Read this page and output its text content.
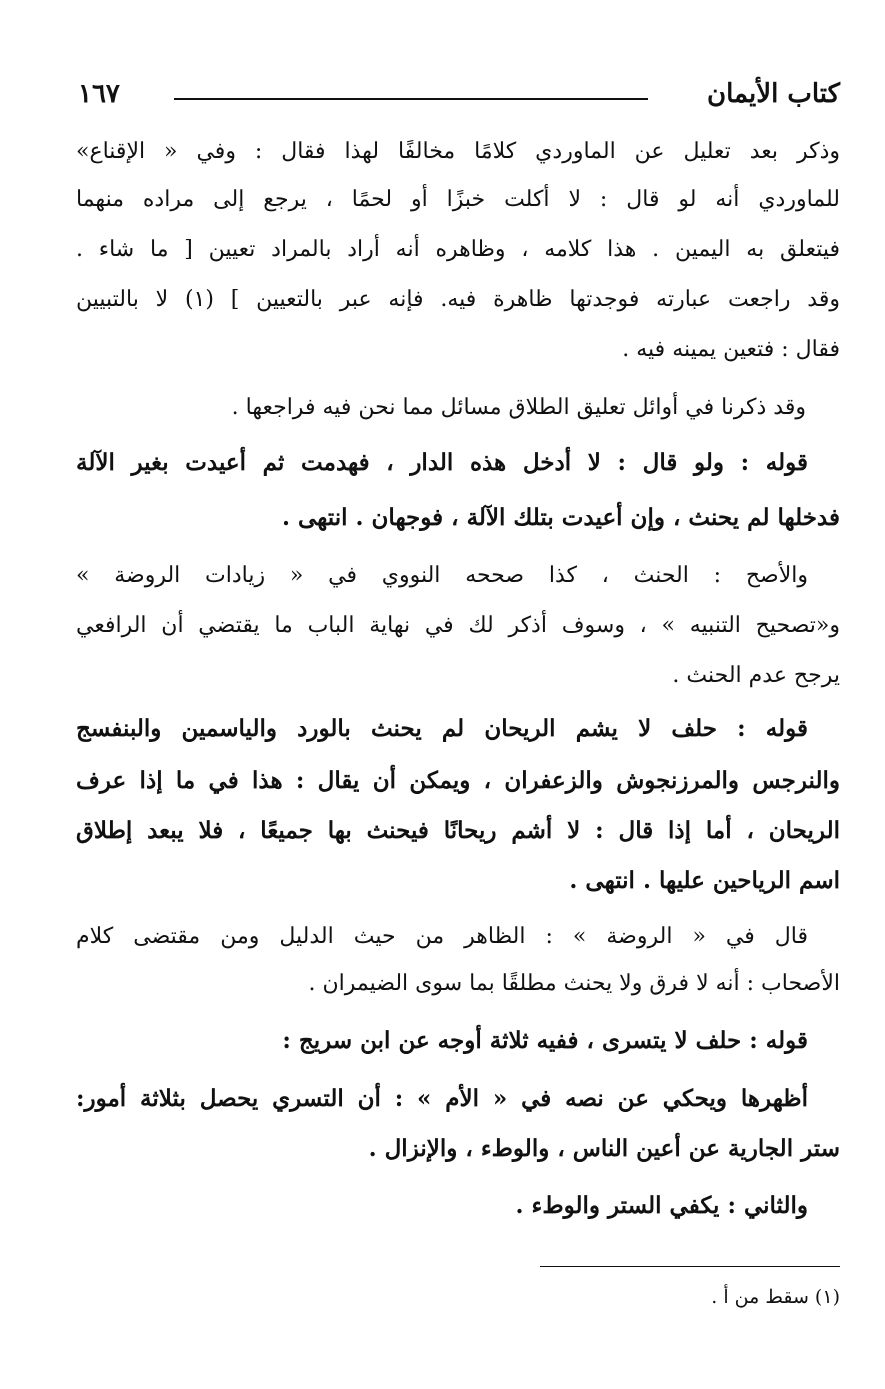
كتاب الأيمان
١٦٧
وذكر بعد تعليل عن الماوردي كلامًا مخالفًا لهذا فقال : وفي « الإقناع»
للماوردي أنه لو قال : لا أكلت خبزًا أو لحمًا ، يرجع إلى مراده منهما
فيتعلق به اليمين . هذا كلامه ، وظاهره أنه أراد بالمراد تعيين [ ما شاء .
وقد راجعت عبارته فوجدتها ظاهرة فيه. فإنه عبر بالتعيين ] (١) لا بالتبيين
فقال : فتعين يمينه فيه .
وقد ذكرنا في أوائل تعليق الطلاق مسائل مما نحن فيه فراجعها .
قوله : ولو قال : لا أدخل هذه الدار ، فهدمت ثم أعيدت بغير الآلة
فدخلها لم يحنث ، وإن أعيدت بتلك الآلة ، فوجهان . انتهى .
والأصح : الحنث ، كذا صححه النووي في « زيادات الروضة »
و«تصحيح التنبيه » ، وسوف أذكر لك في نهاية الباب ما يقتضي أن الرافعي
يرجح عدم الحنث .
قوله : حلف لا يشم الريحان لم يحنث بالورد والياسمين والبنفسج
والنرجس والمرزنجوش والزعفران ، ويمكن أن يقال : هذا في ما إذا عرف
الريحان ، أما إذا قال : لا أشم ريحانًا فيحنث بها جميعًا ، فلا يبعد إطلاق
اسم الرياحين عليها . انتهى .
قال في « الروضة » : الظاهر من حيث الدليل ومن مقتضى كلام
الأصحاب : أنه لا فرق ولا يحنث مطلقًا بما سوى الضيمران .
قوله : حلف لا يتسرى ، ففيه ثلاثة أوجه عن ابن سريج :
أظهرها ويحكي عن نصه في « الأم » : أن التسري يحصل بثلاثة أمور:
ستر الجارية عن أعين الناس ، والوطء ، والإنزال .
والثاني : يكفي الستر والوطء .
(١) سقط من أ .
